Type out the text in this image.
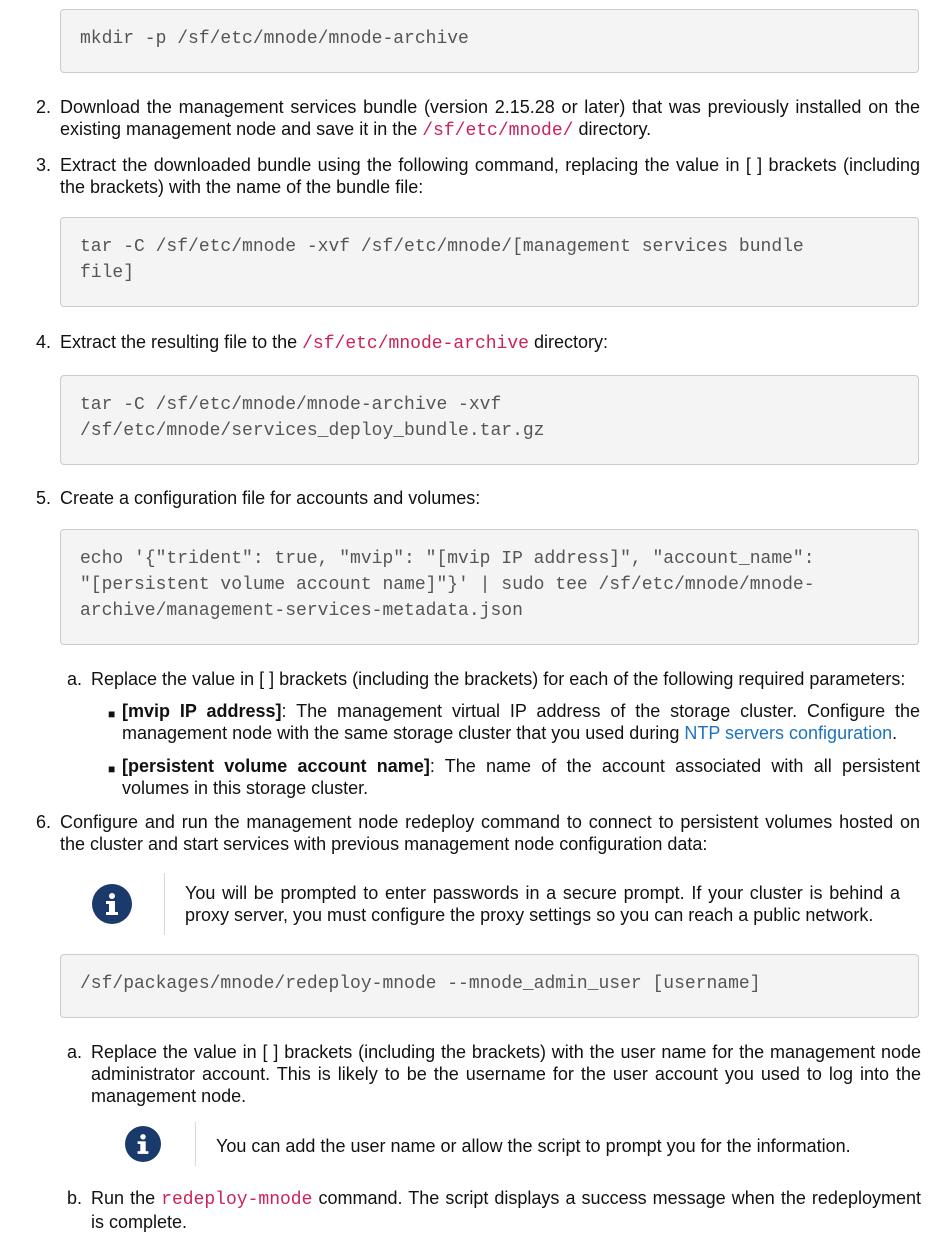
mkdir -p /sf/etc/mnode/mnode-archive
2. Download the management services bundle (version 2.15.28 or later) that was previously installed on the existing management node and save it in the /sf/etc/mnode/ directory.
3. Extract the downloaded bundle using the following command, replacing the value in [ ] brackets (including the brackets) with the name of the bundle file:
tar -C /sf/etc/mnode -xvf /sf/etc/mnode/[management services bundle
file]
4. Extract the resulting file to the /sf/etc/mnode-archive directory:
tar -C /sf/etc/mnode/mnode-archive -xvf
/sf/etc/mnode/services_deploy_bundle.tar.gz
5. Create a configuration file for accounts and volumes:
echo '{"trident": true, "mvip": "[mvip IP address]", "account_name":
"[persistent volume account name]"}' | sudo tee /sf/etc/mnode/mnode-
archive/management-services-metadata.json
a. Replace the value in [ ] brackets (including the brackets) for each of the following required parameters:
■ [mvip IP address]: The management virtual IP address of the storage cluster. Configure the management node with the same storage cluster that you used during NTP servers configuration.
■ [persistent volume account name]: The name of the account associated with all persistent volumes in this storage cluster.
6. Configure and run the management node redeploy command to connect to persistent volumes hosted on the cluster and start services with previous management node configuration data:
You will be prompted to enter passwords in a secure prompt. If your cluster is behind a proxy server, you must configure the proxy settings so you can reach a public network.
/sf/packages/mnode/redeploy-mnode --mnode_admin_user [username]
a. Replace the value in [ ] brackets (including the brackets) with the user name for the management node administrator account. This is likely to be the username for the user account you used to log into the management node.
You can add the user name or allow the script to prompt you for the information.
b. Run the redeploy-mnode command. The script displays a success message when the redeployment is complete.
